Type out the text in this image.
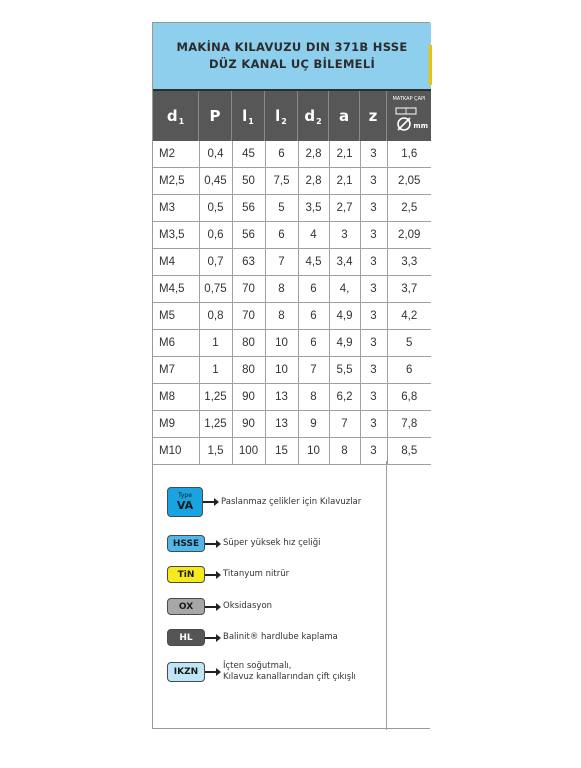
MAKİNA KILAVUZU DIN 371B HSSE
DÜZ KANAL UÇ BİLEMELİ
$d_1$ P $l_1$ $l_2$ $d_2$ a z
MATKAP ÇAPI
mm
M2	0,4	45	6	2,8	2,1	3	1,6
M2,5	0,45	50	7,5	2,8	2,1	3	2,05
M3	0,5	56	5	3,5	2,7	3	2,5
M3,5	0,6	56	6	4	3	3	2,09
M4	0,7	63	7	4,5	3,4	3	3,3
M4,5	0,75	70	8	6	4,	3	3,7
M5	0,8	70	8	6	4,9	3	4,2
M6	1	80	10	6	4,9	3	5
M7	1	80	10	7	5,5	3	6
M8	1,25	90	13	8	6,2	3	6,8
M9	1,25	90	13	9	7	3	7,8
M10	1,5	100	15	10	8	3	8,5
Type
VA	Paslanmaz çelikler için Kılavuzlar
HSSE	Süper yüksek hız çeliği
TiN	Titanyum nitrür
OX	Oksidasyon
HL	Balinit® hardlube kaplama
IKZN
İçten soğutmalı,
Kılavuz kanallarından çift çıkışlı
